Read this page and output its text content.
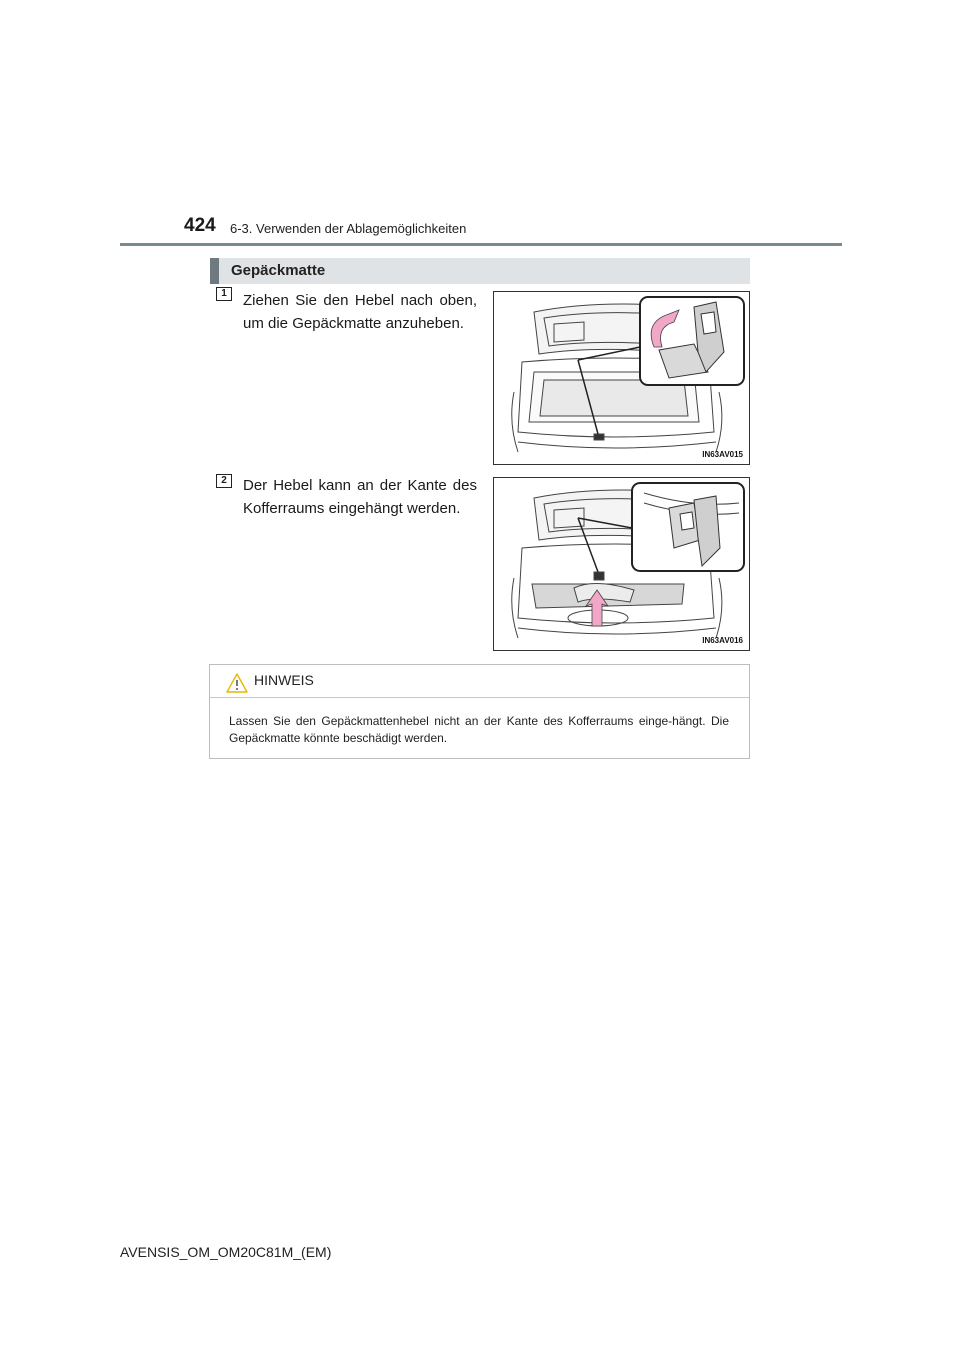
424 6-3. Verwenden der Ablagemöglichkeiten
Gepäckmatte
1	Ziehen Sie den Hebel nach oben, um die Gepäckmatte anzuheben.
IN63AV015
2	Der Hebel kann an der Kante des Kofferraums eingehängt werden.
IN63AV016
HINWEIS
Lassen Sie den Gepäckmattenhebel nicht an der Kante des Kofferraums einge-hängt. Die Gepäckmatte könnte beschädigt werden.
AVENSIS_OM_OM20C81M_(EM)
